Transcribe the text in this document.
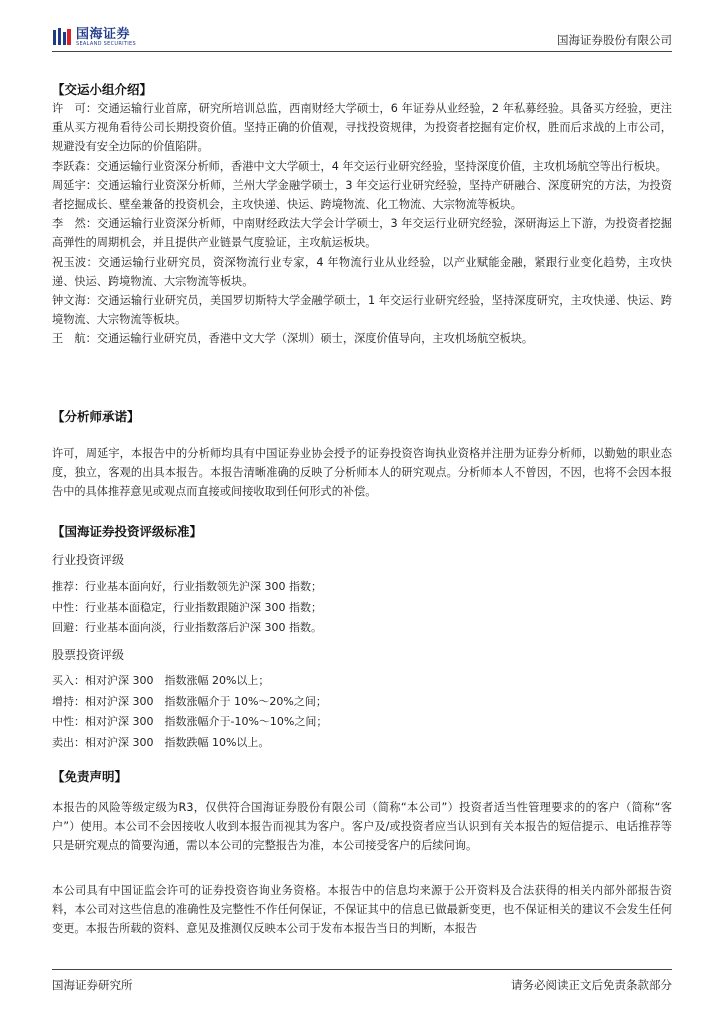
国海证券
SEALAND SECURITIES	国海证券股份有限公司
【交运小组介绍】

许　可：交通运输行业首席，研究所培训总监，西南财经大学硕士，6 年证券从业经验，2 年私募经验。具备买方经验，更注重从买方视角看待公司长期投资价值。坚持正确的价值观，寻找投资规律，为投资者挖掘有定价权，胜而后求战的上市公司，规避没有安全边际的价值陷阱。

李跃森：交通运输行业资深分析师，香港中文大学硕士，4 年交运行业研究经验，坚持深度价值，主攻机场航空等出行板块。

周延宇：交通运输行业资深分析师，兰州大学金融学硕士，3 年交运行业研究经验，坚持产研融合、深度研究的方法，为投资者挖掘成长、壁垒兼备的投资机会，主攻快递、快运、跨境物流、化工物流、大宗物流等板块。

李　然：交通运输行业资深分析师，中南财经政法大学会计学硕士，3 年交运行业研究经验，深研海运上下游，为投资者挖掘高弹性的周期机会，并且提供产业链景气度验证，主攻航运板块。

祝玉波：交通运输行业研究员，资深物流行业专家，4 年物流行业从业经验，以产业赋能金融，紧跟行业变化趋势，主攻快递、快运、跨境物流、大宗物流等板块。

钟文海：交通运输行业研究员，美国罗切斯特大学金融学硕士，1 年交运行业研究经验，坚持深度研究，主攻快递、快运、跨境物流、大宗物流等板块。

王　航：交通运输行业研究员，香港中文大学（深圳）硕士，深度价值导向，主攻机场航空板块。

【分析师承诺】

许可，周延宇，本报告中的分析师均具有中国证券业协会授予的证券投资咨询执业资格并注册为证券分析师，以勤勉的职业态度，独立，客观的出具本报告。本报告清晰准确的反映了分析师本人的研究观点。分析师本人不曾因，不因，也将不会因本报告中的具体推荐意见或观点而直接或间接收取到任何形式的补偿。

【国海证券投资评级标准】
行业投资评级
推荐：行业基本面向好，行业指数领先沪深 300 指数；
中性：行业基本面稳定，行业指数跟随沪深 300 指数；
回避：行业基本面向淡，行业指数落后沪深 300 指数。
股票投资评级
买入：相对沪深 300　指数涨幅 20%以上；
增持：相对沪深 300　指数涨幅介于 10%～20%之间；
中性：相对沪深 300　指数涨幅介于-10%～10%之间；
卖出：相对沪深 300　指数跌幅 10%以上。
【免责声明】

本报告的风险等级定级为R3，仅供符合国海证券股份有限公司（简称“本公司”）投资者适当性管理要求的的客户（简称“客户”）使用。本公司不会因接收人收到本报告而视其为客户。客户及/或投资者应当认识到有关本报告的短信提示、电话推荐等只是研究观点的简要沟通，需以本公司的完整报告为准，本公司接受客户的后续问询。

本公司具有中国证监会许可的证券投资咨询业务资格。本报告中的信息均来源于公开资料及合法获得的相关内部外部报告资料，本公司对这些信息的准确性及完整性不作任何保证，不保证其中的信息已做最新变更，也不保证相关的建议不会发生任何变更。本报告所载的资料、意见及推测仅反映本公司于发布本报告当日的判断，本报告

国海证券研究所	请务必阅读正文后免责条款部分
